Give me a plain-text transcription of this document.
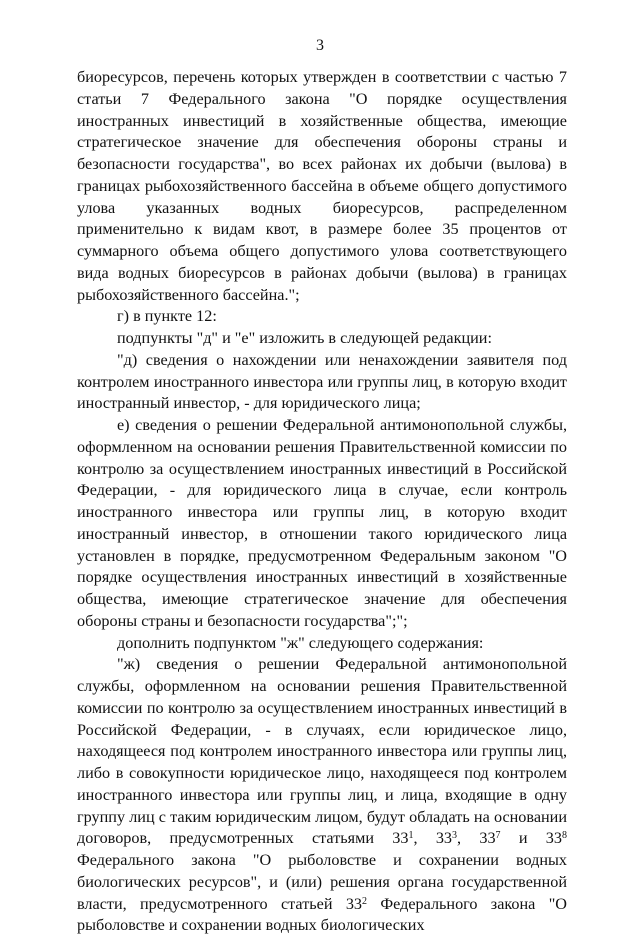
3

биоресурсов, перечень которых утвержден в соответствии с частью 7 статьи 7 Федерального закона "О порядке осуществления иностранных инвестиций в хозяйственные общества, имеющие стратегическое значение для обеспечения обороны страны и безопасности государства", во всех районах их добычи (вылова) в границах рыбохозяйственного бассейна в объеме общего допустимого улова указанных водных биоресурсов, распределенном применительно к видам квот, в размере более 35 процентов от суммарного объема общего допустимого улова соответствующего вида водных биоресурсов в районах добычи (вылова) в границах рыбохозяйственного бассейна.";

г) в пункте 12:

подпункты "д" и "е" изложить в следующей редакции:

"д) сведения о нахождении или ненахождении заявителя под контролем иностранного инвестора или группы лиц, в которую входит иностранный инвестор, - для юридического лица;

е) сведения о решении Федеральной антимонопольной службы, оформленном на основании решения Правительственной комиссии по контролю за осуществлением иностранных инвестиций в Российской Федерации, - для юридического лица в случае, если контроль иностранного инвестора или группы лиц, в которую входит иностранный инвестор, в отношении такого юридического лица установлен в порядке, предусмотренном Федеральным законом "О порядке осуществления иностранных инвестиций в хозяйственные общества, имеющие стратегическое значение для обеспечения обороны страны и безопасности государства";";

дополнить подпунктом "ж" следующего содержания:

"ж) сведения о решении Федеральной антимонопольной службы, оформленном на основании решения Правительственной комиссии по контролю за осуществлением иностранных инвестиций в Российской Федерации, - в случаях, если юридическое лицо, находящееся под контролем иностранного инвестора или группы лиц, либо в совокупности юридическое лицо, находящееся под контролем иностранного инвестора или группы лиц, и лица, входящие в одну группу лиц с таким юридическим лицом, будут обладать на основании договоров, предусмотренных статьями $33^1$, $33^3$, $33^7$ и $33^8$ Федерального закона "О рыболовстве и сохранении водных биологических ресурсов", и (или) решения органа государственной власти, предусмотренного статьей $33^2$ Федерального закона "О рыболовстве и сохранении водных биологических
